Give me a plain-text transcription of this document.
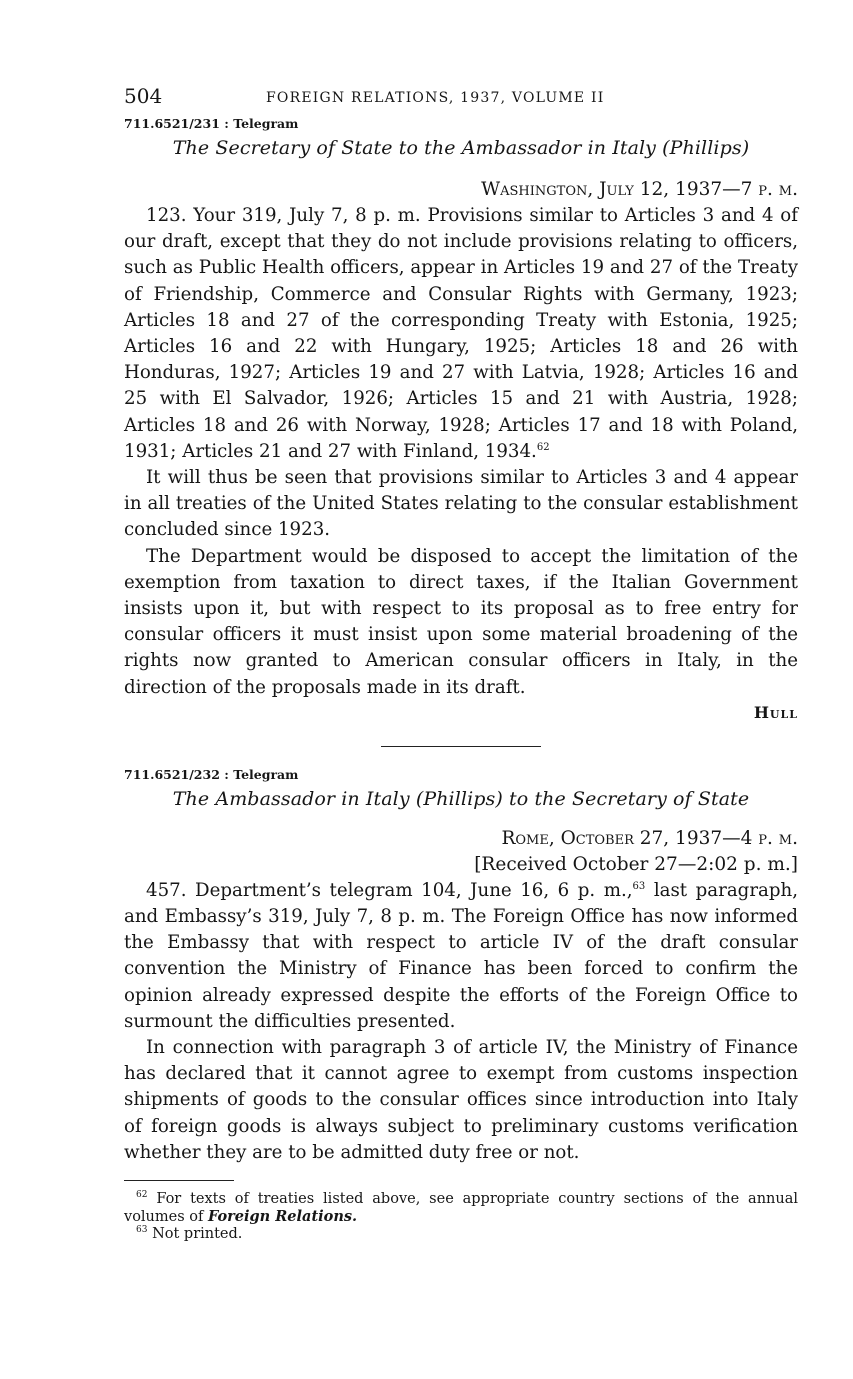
504	FOREIGN RELATIONS, 1937, VOLUME II
711.6521/231 : Telegram
The Secretary of State to the Ambassador in Italy (Phillips)
Washington, July 12, 1937—7 p. m.

123. Your 319, July 7, 8 p. m. Provisions similar to Articles 3 and 4 of our draft, except that they do not include provisions relating to officers, such as Public Health officers, appear in Articles 19 and 27 of the Treaty of Friendship, Commerce and Consular Rights with Germany, 1923; Articles 18 and 27 of the corresponding Treaty with Estonia, 1925; Articles 16 and 22 with Hungary, 1925; Articles 18 and 26 with Honduras, 1927; Articles 19 and 27 with Latvia, 1928; Articles 16 and 25 with El Salvador, 1926; Articles 15 and 21 with Austria, 1928; Articles 18 and 26 with Norway, 1928; Articles 17 and 18 with Poland, 1931; Articles 21 and 27 with Finland, 1934.62

It will thus be seen that provisions similar to Articles 3 and 4 appear in all treaties of the United States relating to the consular establishment concluded since 1923.

The Department would be disposed to accept the limitation of the exemption from taxation to direct taxes, if the Italian Government insists upon it, but with respect to its proposal as to free entry for consular officers it must insist upon some material broadening of the rights now granted to American consular officers in Italy, in the direction of the proposals made in its draft.

Hull
711.6521/232 : Telegram
The Ambassador in Italy (Phillips) to the Secretary of State
Rome, October 27, 1937—4 p. m.
[Received October 27—2:02 p. m.]

457. Department’s telegram 104, June 16, 6 p. m.,$^{63}$ last paragraph, and Embassy’s 319, July 7, 8 p. m. The Foreign Office has now informed the Embassy that with respect to article IV of the draft consular convention the Ministry of Finance has been forced to confirm the opinion already expressed despite the efforts of the Foreign Office to surmount the difficulties presented.

In connection with paragraph 3 of article IV, the Ministry of Finance has declared that it cannot agree to exempt from customs inspection shipments of goods to the consular offices since introduction into Italy of foreign goods is always subject to preliminary customs verification whether they are to be admitted duty free or not.

$^{62}$ For texts of treaties listed above, see appropriate country sections of the annual volumes of Foreign Relations.

$^{63}$ Not printed.
